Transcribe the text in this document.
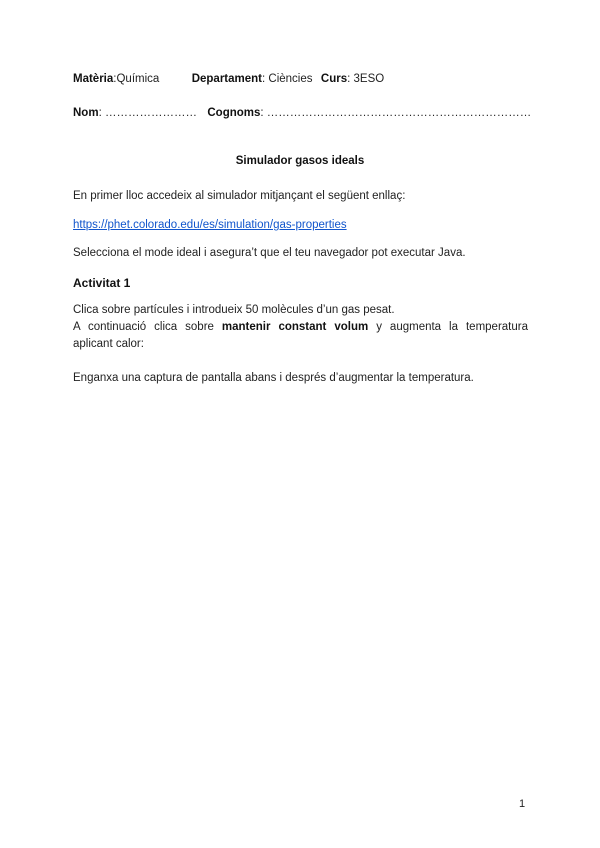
Matèria:Química	Departament: Ciències Curs: 3ESO
Nom: …………………… Cognoms: ……………………………………………………………
Simulador gasos ideals
En primer lloc accedeix al simulador mitjançant el següent enllaç:
https://phet.colorado.edu/es/simulation/gas-properties
Selecciona el mode ideal i asegura’t que el teu navegador pot executar Java.
Activitat 1
Clica sobre partícules i introdueix 50 molècules d’un gas pesat.
A continuació clica sobre mantenir constant volum y augmenta la temperatura
aplicant calor:
Enganxa una captura de pantalla abans i després d’augmentar la temperatura.
1
